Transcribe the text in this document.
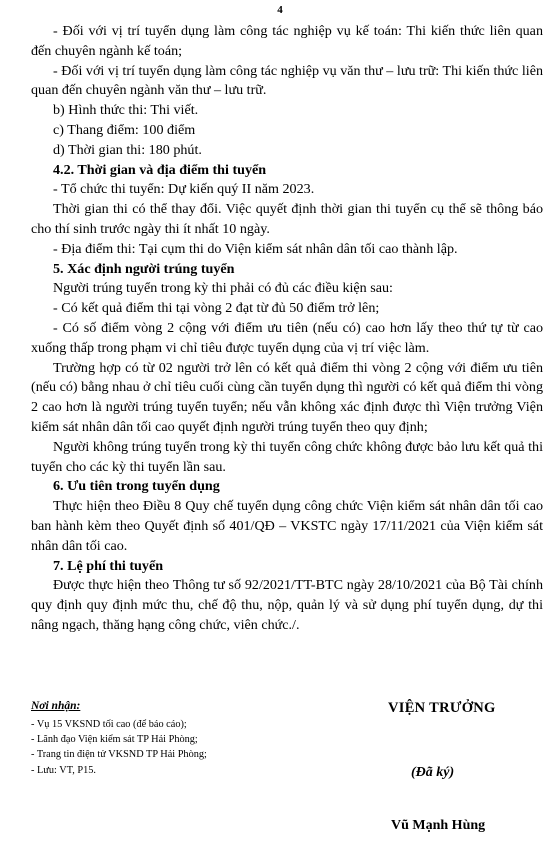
4

- Đối với vị trí tuyển dụng làm công tác nghiệp vụ kế toán: Thi kiến thức liên quan đến chuyên ngành kế toán;

- Đối với vị trí tuyển dụng làm công tác nghiệp vụ văn thư – lưu trữ: Thi kiến thức liên quan đến chuyên ngành văn thư – lưu trữ.

b) Hình thức thi: Thi viết.

c) Thang điểm: 100 điểm

d) Thời gian thi: 180 phút.

4.2. Thời gian và địa điểm thi tuyển

- Tổ chức thi tuyển: Dự kiến quý II năm 2023.

Thời gian thi có thể thay đổi. Việc quyết định thời gian thi tuyển cụ thể sẽ thông báo cho thí sinh trước ngày thi ít nhất 10 ngày.

- Địa điểm thi: Tại cụm thi do Viện kiểm sát nhân dân tối cao thành lập.

5. Xác định người trúng tuyển

Người trúng tuyển trong kỳ thi phải có đủ các điều kiện sau:

- Có kết quả điểm thi tại vòng 2 đạt từ đủ 50 điểm trở lên;

- Có số điểm vòng 2 cộng với điểm ưu tiên (nếu có) cao hơn lấy theo thứ tự từ cao xuống thấp trong phạm vi chỉ tiêu được tuyển dụng của vị trí việc làm.

Trường hợp có từ 02 người trở lên có kết quả điểm thi vòng 2 cộng với điểm ưu tiên (nếu có) bằng nhau ở chỉ tiêu cuối cùng cần tuyển dụng thì người có kết quả điểm thi vòng 2 cao hơn là người trúng tuyển tuyển; nếu vẫn không xác định được thì Viện trưởng Viện kiểm sát nhân dân tối cao quyết định người trúng tuyển theo quy định;

Người không trúng tuyển trong kỳ thi tuyển công chức không được bảo lưu kết quả thi tuyển cho các kỳ thi tuyển lần sau.

6. Ưu tiên trong tuyển dụng

Thực hiện theo Điều 8 Quy chế tuyển dụng công chức Viện kiểm sát nhân dân tối cao ban hành kèm theo Quyết định số 401/QĐ – VKSTC ngày 17/11/2021 của Viện kiểm sát nhân dân tối cao.

7. Lệ phí thi tuyển

Được thực hiện theo Thông tư số 92/2021/TT-BTC ngày 28/10/2021 của Bộ Tài chính quy định quy định mức thu, chế độ thu, nộp, quản lý và sử dụng phí tuyển dụng, dự thi nâng ngạch, thăng hạng công chức, viên chức./.

Nơi nhận:
- Vụ 15 VKSND tối cao (để báo cáo);
- Lãnh đạo Viện kiểm sát TP Hải Phòng;
- Trang tin điện tử VKSND TP Hải Phòng;
- Lưu: VT, P15.
VIỆN TRƯỞNG
(Đã ký)
Vũ Mạnh Hùng
